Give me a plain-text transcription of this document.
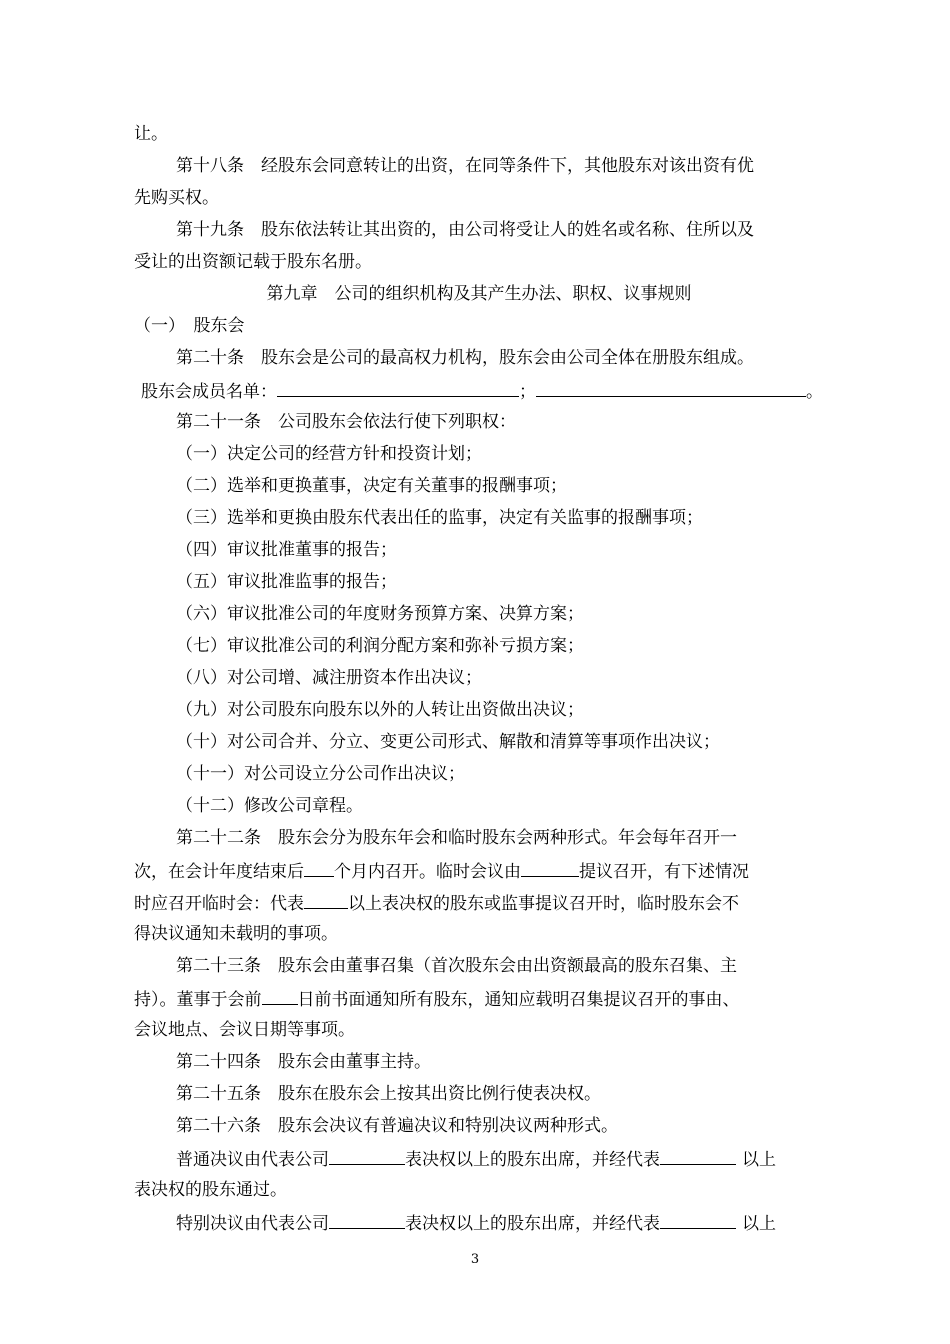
让。
第十八条　经股东会同意转让的出资，在同等条件下，其他股东对该出资有优
先购买权。
第十九条　股东依法转让其出资的，由公司将受让人的姓名或名称、住所以及
受让的出资额记载于股东名册。
第九章　公司的组织机构及其产生办法、职权、议事规则
（一）　股东会
第二十条　股东会是公司的最高权力机构，股东会由公司全体在册股东组成。
股东会成员名单：	；	。
第二十一条　公司股东会依法行使下列职权：
（一）决定公司的经营方针和投资计划；
（二）选举和更换董事，决定有关董事的报酬事项；
（三）选举和更换由股东代表出任的监事，决定有关监事的报酬事项；
（四）审议批准董事的报告；
（五）审议批准监事的报告；
（六）审议批准公司的年度财务预算方案、决算方案；
（七）审议批准公司的利润分配方案和弥补亏损方案；
（八）对公司增、减注册资本作出决议；
（九）对公司股东向股东以外的人转让出资做出决议；
（十）对公司合并、分立、变更公司形式、解散和清算等事项作出决议；
（十一）对公司设立分公司作出决议；
（十二）修改公司章程。
第二十二条　股东会分为股东年会和临时股东会两种形式。年会每年召开一
次，在会计年度结束后 个月内召开。临时会议由	提议召开，有下述情况
时应召开临时会：代表	以上表决权的股东或监事提议召开时，临时股东会不
得决议通知未载明的事项。
第二十三条　股东会由董事召集（首次股东会由出资额最高的股东召集、主
持）。董事于会前 日前书面通知所有股东，通知应载明召集提议召开的事由、
会议地点、会议日期等事项。
第二十四条　股东会由董事主持。
第二十五条　股东在股东会上按其出资比例行使表决权。
第二十六条　股东会决议有普遍决议和特别决议两种形式。
普通决议由代表公司	表决权以上的股东出席，并经代表	以上
表决权的股东通过。
特别决议由代表公司	表决权以上的股东出席，并经代表	以上
3
